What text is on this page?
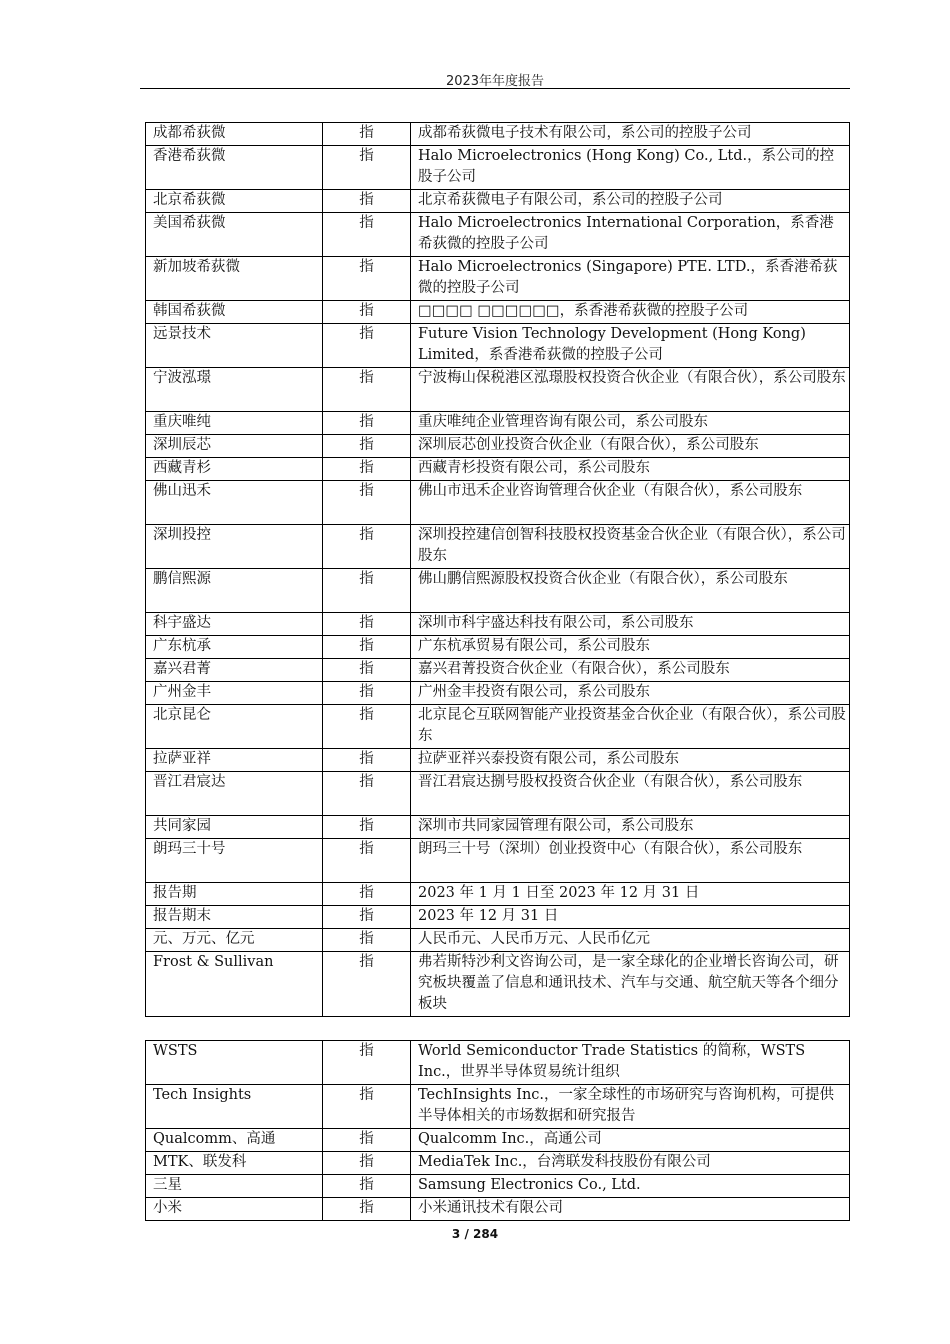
2023年年度报告
成都希荻微	指	成都希荻微电子技术有限公司，系公司的控股子公司
香港希荻微	指	Halo Microelectronics (Hong Kong) Co., Ltd.，系公司的控股子公司
北京希荻微	指	北京希荻微电子有限公司，系公司的控股子公司
美国希荻微	指	Halo Microelectronics International Corporation，系香港希荻微的控股子公司
新加坡希荻微	指	Halo Microelectronics (Singapore) PTE. LTD.，系香港希荻微的控股子公司
韩国希荻微	指	□□□□ □□□□□□，系香港希荻微的控股子公司
远景技术	指	Future Vision Technology Development (Hong Kong) Limited，系香港希荻微的控股子公司
宁波泓璟	指	宁波梅山保税港区泓璟股权投资合伙企业（有限合伙），系公司股东
重庆唯纯	指	重庆唯纯企业管理咨询有限公司，系公司股东
深圳辰芯	指	深圳辰芯创业投资合伙企业（有限合伙），系公司股东
西藏青杉	指	西藏青杉投资有限公司，系公司股东
佛山迅禾	指	佛山市迅禾企业咨询管理合伙企业（有限合伙），系公司股东
深圳投控	指	深圳投控建信创智科技股权投资基金合伙企业（有限合伙），系公司股东
鹏信熙源	指	佛山鹏信熙源股权投资合伙企业（有限合伙），系公司股东
科宇盛达	指	深圳市科宇盛达科技有限公司，系公司股东
广东杭承	指	广东杭承贸易有限公司，系公司股东
嘉兴君菁	指	嘉兴君菁投资合伙企业（有限合伙），系公司股东
广州金丰	指	广州金丰投资有限公司，系公司股东
北京昆仑	指	北京昆仑互联网智能产业投资基金合伙企业（有限合伙），系公司股东
拉萨亚祥	指	拉萨亚祥兴泰投资有限公司，系公司股东
晋江君宸达	指	晋江君宸达捌号股权投资合伙企业（有限合伙），系公司股东
共同家园	指	深圳市共同家园管理有限公司，系公司股东
朗玛三十号	指	朗玛三十号（深圳）创业投资中心（有限合伙），系公司股东
报告期	指	2023 年 1 月 1 日至 2023 年 12 月 31 日
报告期末	指	2023 年 12 月 31 日
元、万元、亿元	指	人民币元、人民币万元、人民币亿元
Frost & Sullivan	指	弗若斯特沙利文咨询公司，是一家全球化的企业增长咨询公司，研究板块覆盖了信息和通讯技术、汽车与交通、航空航天等各个细分板块
WSTS	指	World Semiconductor Trade Statistics 的简称，WSTS Inc.，世界半导体贸易统计组织
Tech Insights	指	TechInsights Inc.，一家全球性的市场研究与咨询机构，可提供半导体相关的市场数据和研究报告
Qualcomm、高通	指	Qualcomm Inc.，高通公司
MTK、联发科	指	MediaTek Inc.，台湾联发科技股份有限公司
三星	指	Samsung Electronics Co., Ltd.
小米	指	小米通讯技术有限公司
3 / 284
